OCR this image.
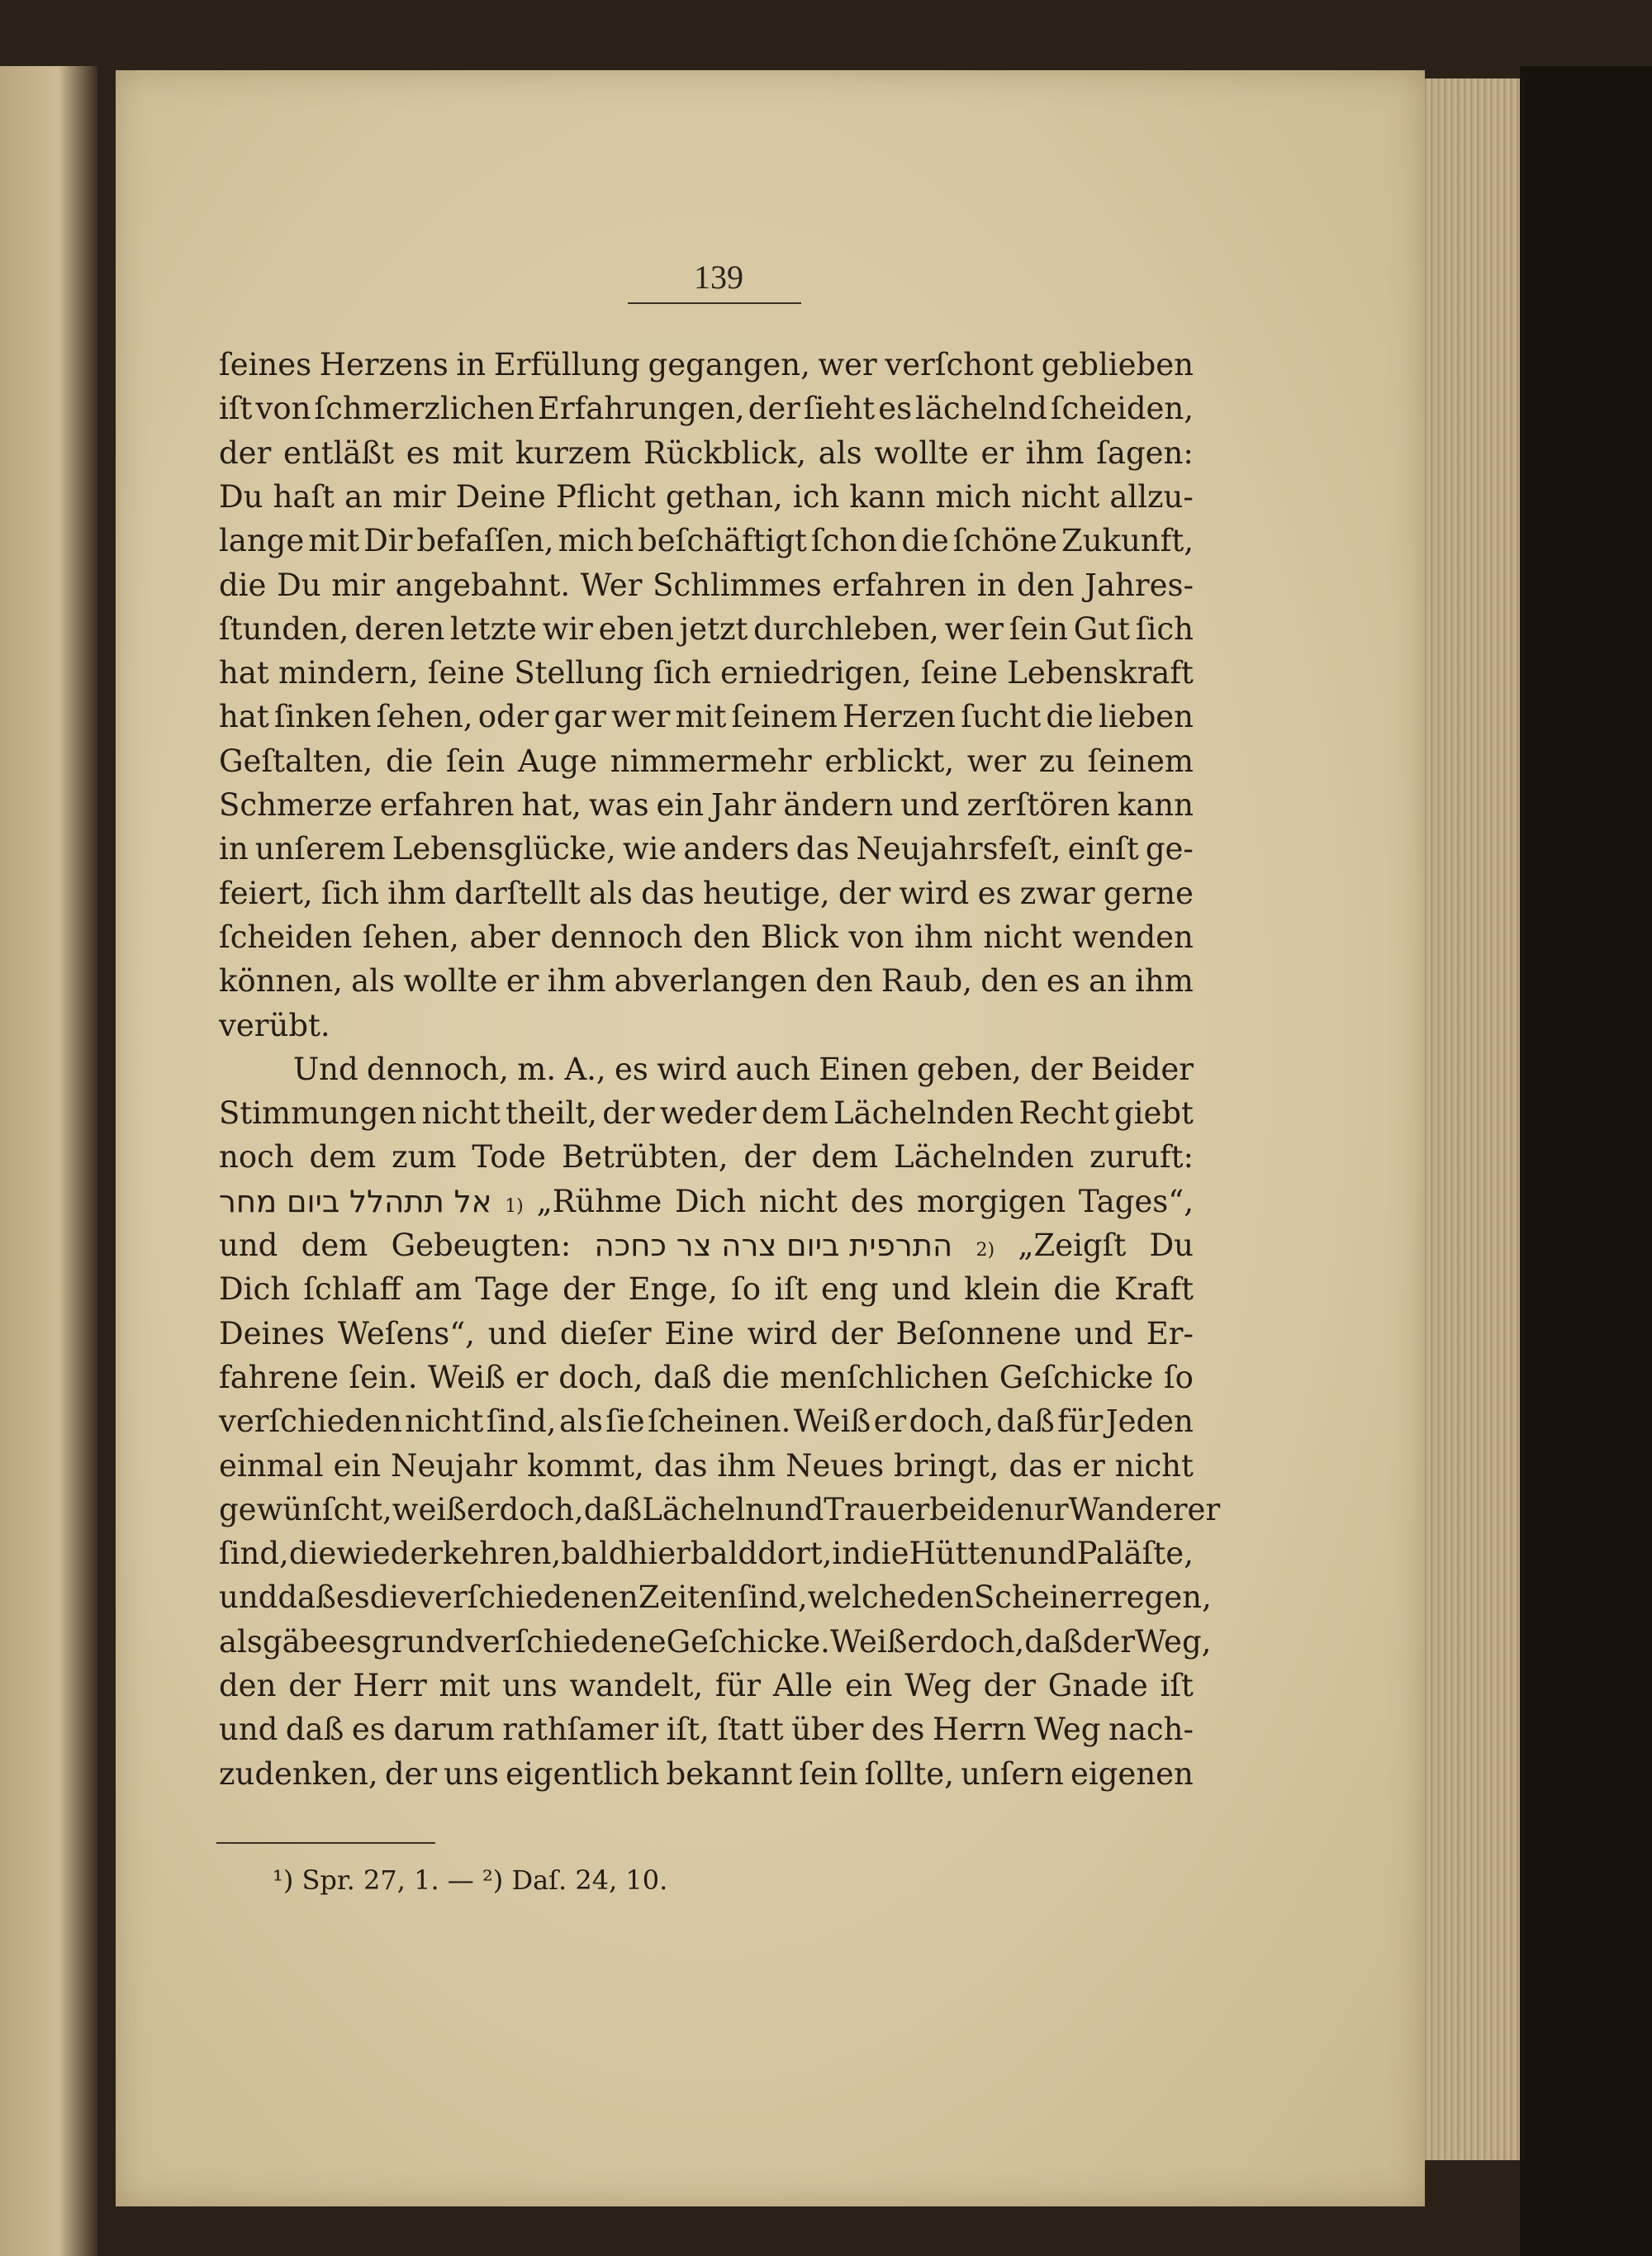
139
ſeines Herzens in Erfüllung gegangen, wer verſchont geblieben
iſt von ſchmerzlichen Erfahrungen, der ſieht es lächelnd ſcheiden,
der entläßt es mit kurzem Rückblick, als wollte er ihm ſagen:
Du haſt an mir Deine Pflicht gethan, ich kann mich nicht allzu-
lange mit Dir befaſſen, mich beſchäftigt ſchon die ſchöne Zukunft,
die Du mir angebahnt. Wer Schlimmes erfahren in den Jahres-
ſtunden, deren letzte wir eben jetzt durchleben, wer ſein Gut ſich
hat mindern, ſeine Stellung ſich erniedrigen, ſeine Lebenskraft
hat ſinken ſehen, oder gar wer mit ſeinem Herzen ſucht die lieben
Geſtalten, die ſein Auge nimmermehr erblickt, wer zu ſeinem
Schmerze erfahren hat, was ein Jahr ändern und zerſtören kann
in unſerem Lebensglücke, wie anders das Neujahrsfeſt, einſt ge-
feiert, ſich ihm darſtellt als das heutige, der wird es zwar gerne
ſcheiden ſehen, aber dennoch den Blick von ihm nicht wenden
können, als wollte er ihm abverlangen den Raub, den es an ihm
verübt.
Und dennoch, m. A., es wird auch Einen geben, der Beider
Stimmungen nicht theilt, der weder dem Lächelnden Recht giebt
noch dem zum Tode Betrübten, der dem Lächelnden zuruft:
אל תתהלל ביום מחר 1) „Rühme Dich nicht des morgigen Tages“,
und dem Gebeugten: התרפית ביום צרה צר כחכה 2) „Zeigſt Du
Dich ſchlaff am Tage der Enge, ſo iſt eng und klein die Kraft
Deines Weſens“, und dieſer Eine wird der Beſonnene und Er-
fahrene ſein. Weiß er doch, daß die menſchlichen Geſchicke ſo
verſchieden nicht ſind, als ſie ſcheinen. Weiß er doch, daß für Jeden
einmal ein Neujahr kommt, das ihm Neues bringt, das er nicht
gewünſcht, weiß er doch, daß Lächeln und Trauer beide nur Wanderer
ſind, die wiederkehren, bald hier bald dort, in die Hütten und Paläſte,
und daß es die verſchiedenen Zeiten ſind, welche den Schein erregen,
als gäbe es grundverſchiedene Geſchicke. Weiß er doch, daß der Weg,
den der Herr mit uns wandelt, für Alle ein Weg der Gnade iſt
und daß es darum rathſamer iſt, ſtatt über des Herrn Weg nach-
zudenken, der uns eigentlich bekannt ſein ſollte, unſern eigenen
¹) Spr. 27, 1. — ²) Daſ. 24, 10.
